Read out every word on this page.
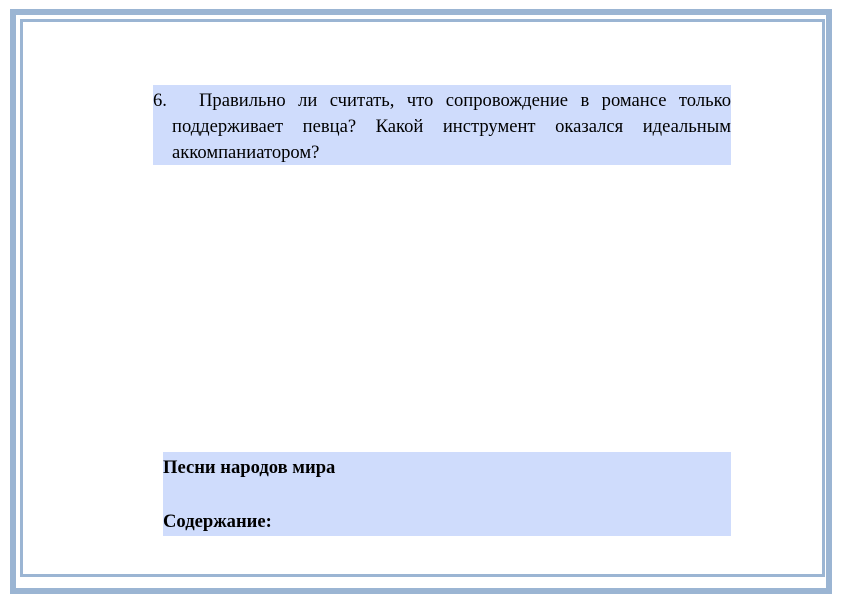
6. Правильно ли считать, что сопровождение в романсе только поддерживает певца? Какой инструмент оказался идеальным аккомпаниатором?

Песни народов мира

Содержание:
